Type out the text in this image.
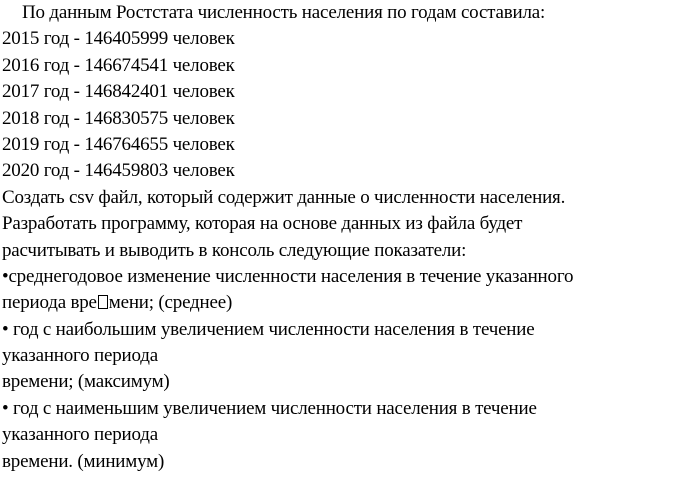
По данным Ростстата численность населения по годам составила:
2015 год - 146405999 человек
2016 год - 146674541 человек
2017 год - 146842401 человек
2018 год - 146830575 человек
2019 год - 146764655 человек
2020 год - 146459803 человек
Создать csv файл, который содержит данные о численности населения.
Разработать программу, которая на основе данных из файла будет
расчитывать и выводить в консоль следующие показатели:
•среднегодовое изменение численности населения в течение указанного
периода вре мени; (среднее)
• год с наибольшим увеличением численности населения в течение
указанного периода
времени; (максимум)
• год с наименьшим увеличением численности населения в течение
указанного периода
времени. (минимум)
